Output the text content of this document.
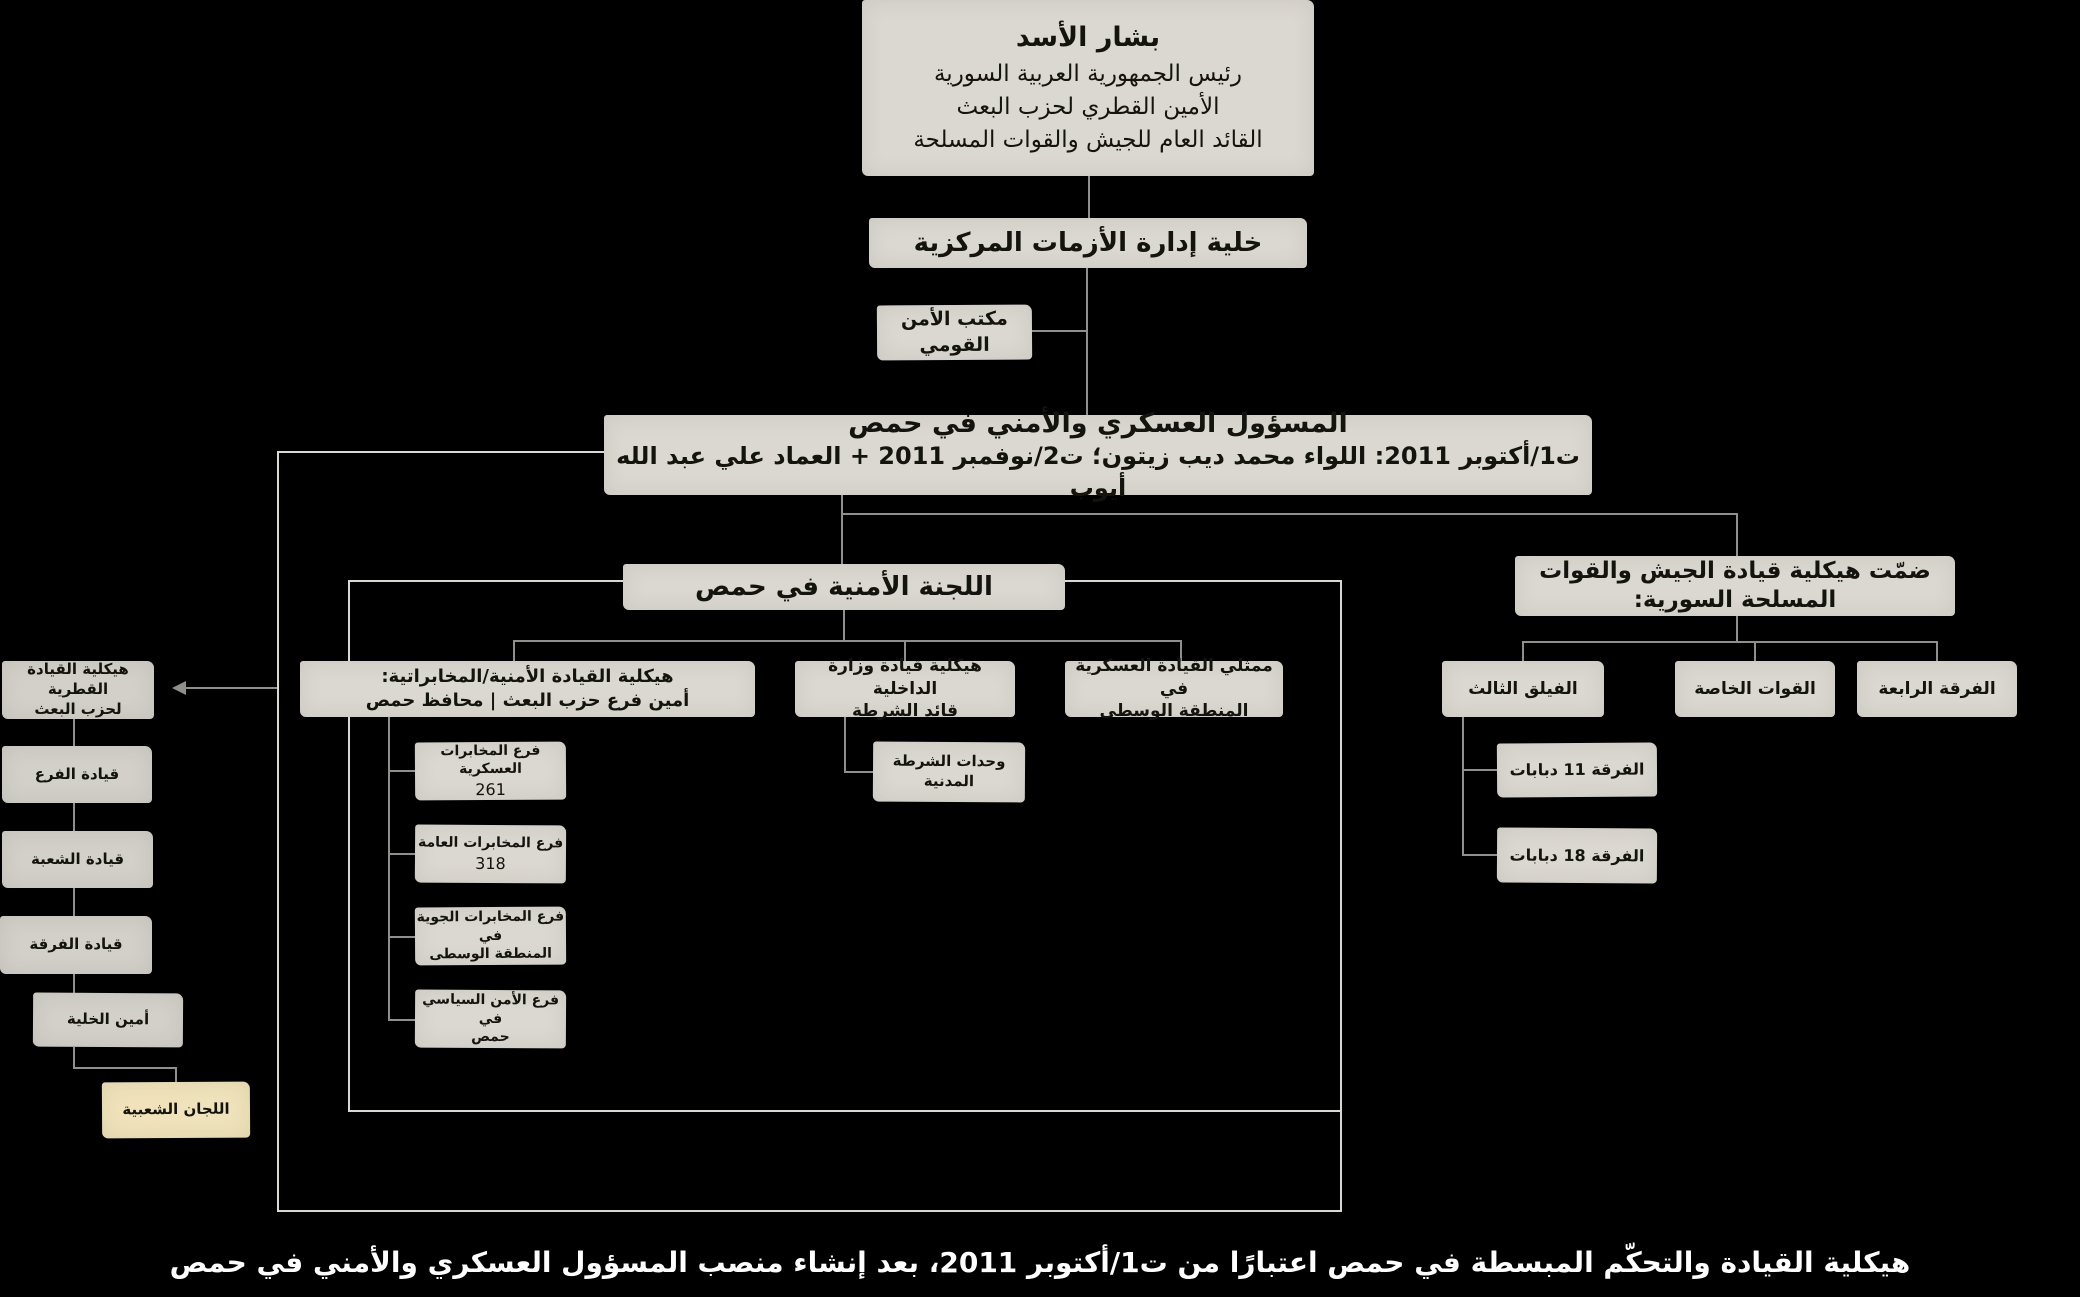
بشار الأسد
رئيس الجمهورية العربية السورية
الأمين القطري لحزب البعث
القائد العام للجيش والقوات المسلحة
خلية إدارة الأزمات المركزية
مكتب الأمن القومي
المسؤول العسكري والأمني في حمص
ت1/أكتوبر 2011: اللواء محمد ديب زيتون؛ ت2/نوفمبر 2011 + العماد علي عبد الله أيوب
اللجنة الأمنية في حمص
ضمّت هيكلية قيادة الجيش والقوات
المسلحة السورية:
هيكلية القيادة الأمنية/المخابراتية:
أمين فرع حزب البعث | محافظ حمص
هيكلية قيادة وزارة الداخلية
قائد الشرطة
ممثلي القيادة العسكرية في
المنطقة الوسطى
وحدات الشرطة المدنية
فرع المخابرات العسكرية
261
فرع المخابرات العامة
318
فرع المخابرات الجوية في
المنطقة الوسطى
فرع الأمن السياسي في
حمص
الفيلق الثالث	القوات الخاصة	الفرقة الرابعة
الفرقة 11 دبابات
الفرقة 18 دبابات
هيكلية القيادة القطرية
لحزب البعث
قيادة الفرع
قيادة الشعبة
قيادة الفرقة
أمين الخلية
اللجان الشعبية
هيكلية القيادة والتحكّم المبسطة في حمص اعتبارًا من ت1/أكتوبر 2011، بعد إنشاء منصب المسؤول العسكري والأمني في حمص
